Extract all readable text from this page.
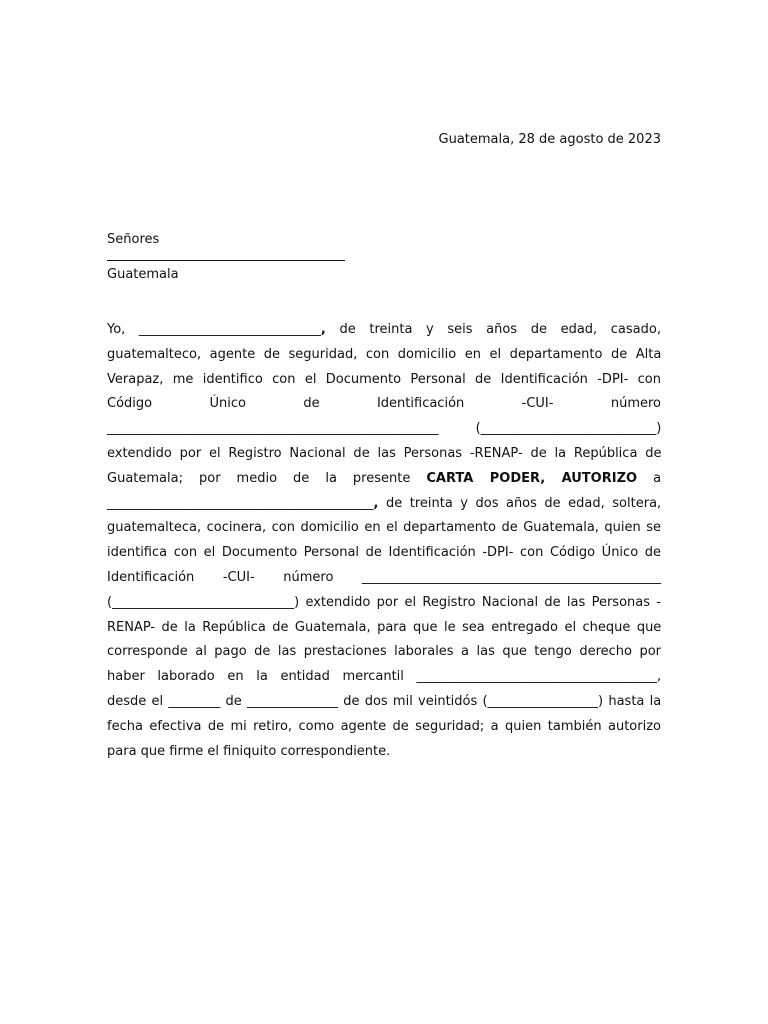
Guatemala, 28 de agosto de 2023
Señores
Guatemala
Yo, ____________________________, de treinta y seis años de edad, casado,
guatemalteco, agente de seguridad, con domicilio en el departamento de Alta
Verapaz, me identifico con el Documento Personal de Identificación -DPI- con
Código Único de Identificación -CUI- número
___________________________________________________ (___________________________)
extendido por el Registro Nacional de las Personas -RENAP- de la República de
Guatemala; por medio de la presente CARTA PODER, AUTORIZO a
_________________________________________, de treinta y dos años de edad, soltera,
guatemalteca, cocinera, con domicilio en el departamento de Guatemala, quien se
identifica con el Documento Personal de Identificación -DPI- con Código Único de
Identificación -CUI- número ______________________________________________
(____________________________) extendido por el Registro Nacional de las Personas -
RENAP- de la República de Guatemala, para que le sea entregado el cheque que
corresponde al pago de las prestaciones laborales a las que tengo derecho por
haber laborado en la entidad mercantil _____________________________________,
desde el ________ de ______________ de dos mil veintidós (_________________) hasta la
fecha efectiva de mi retiro, como agente de seguridad; a quien también autorizo
para que firme el finiquito correspondiente.
